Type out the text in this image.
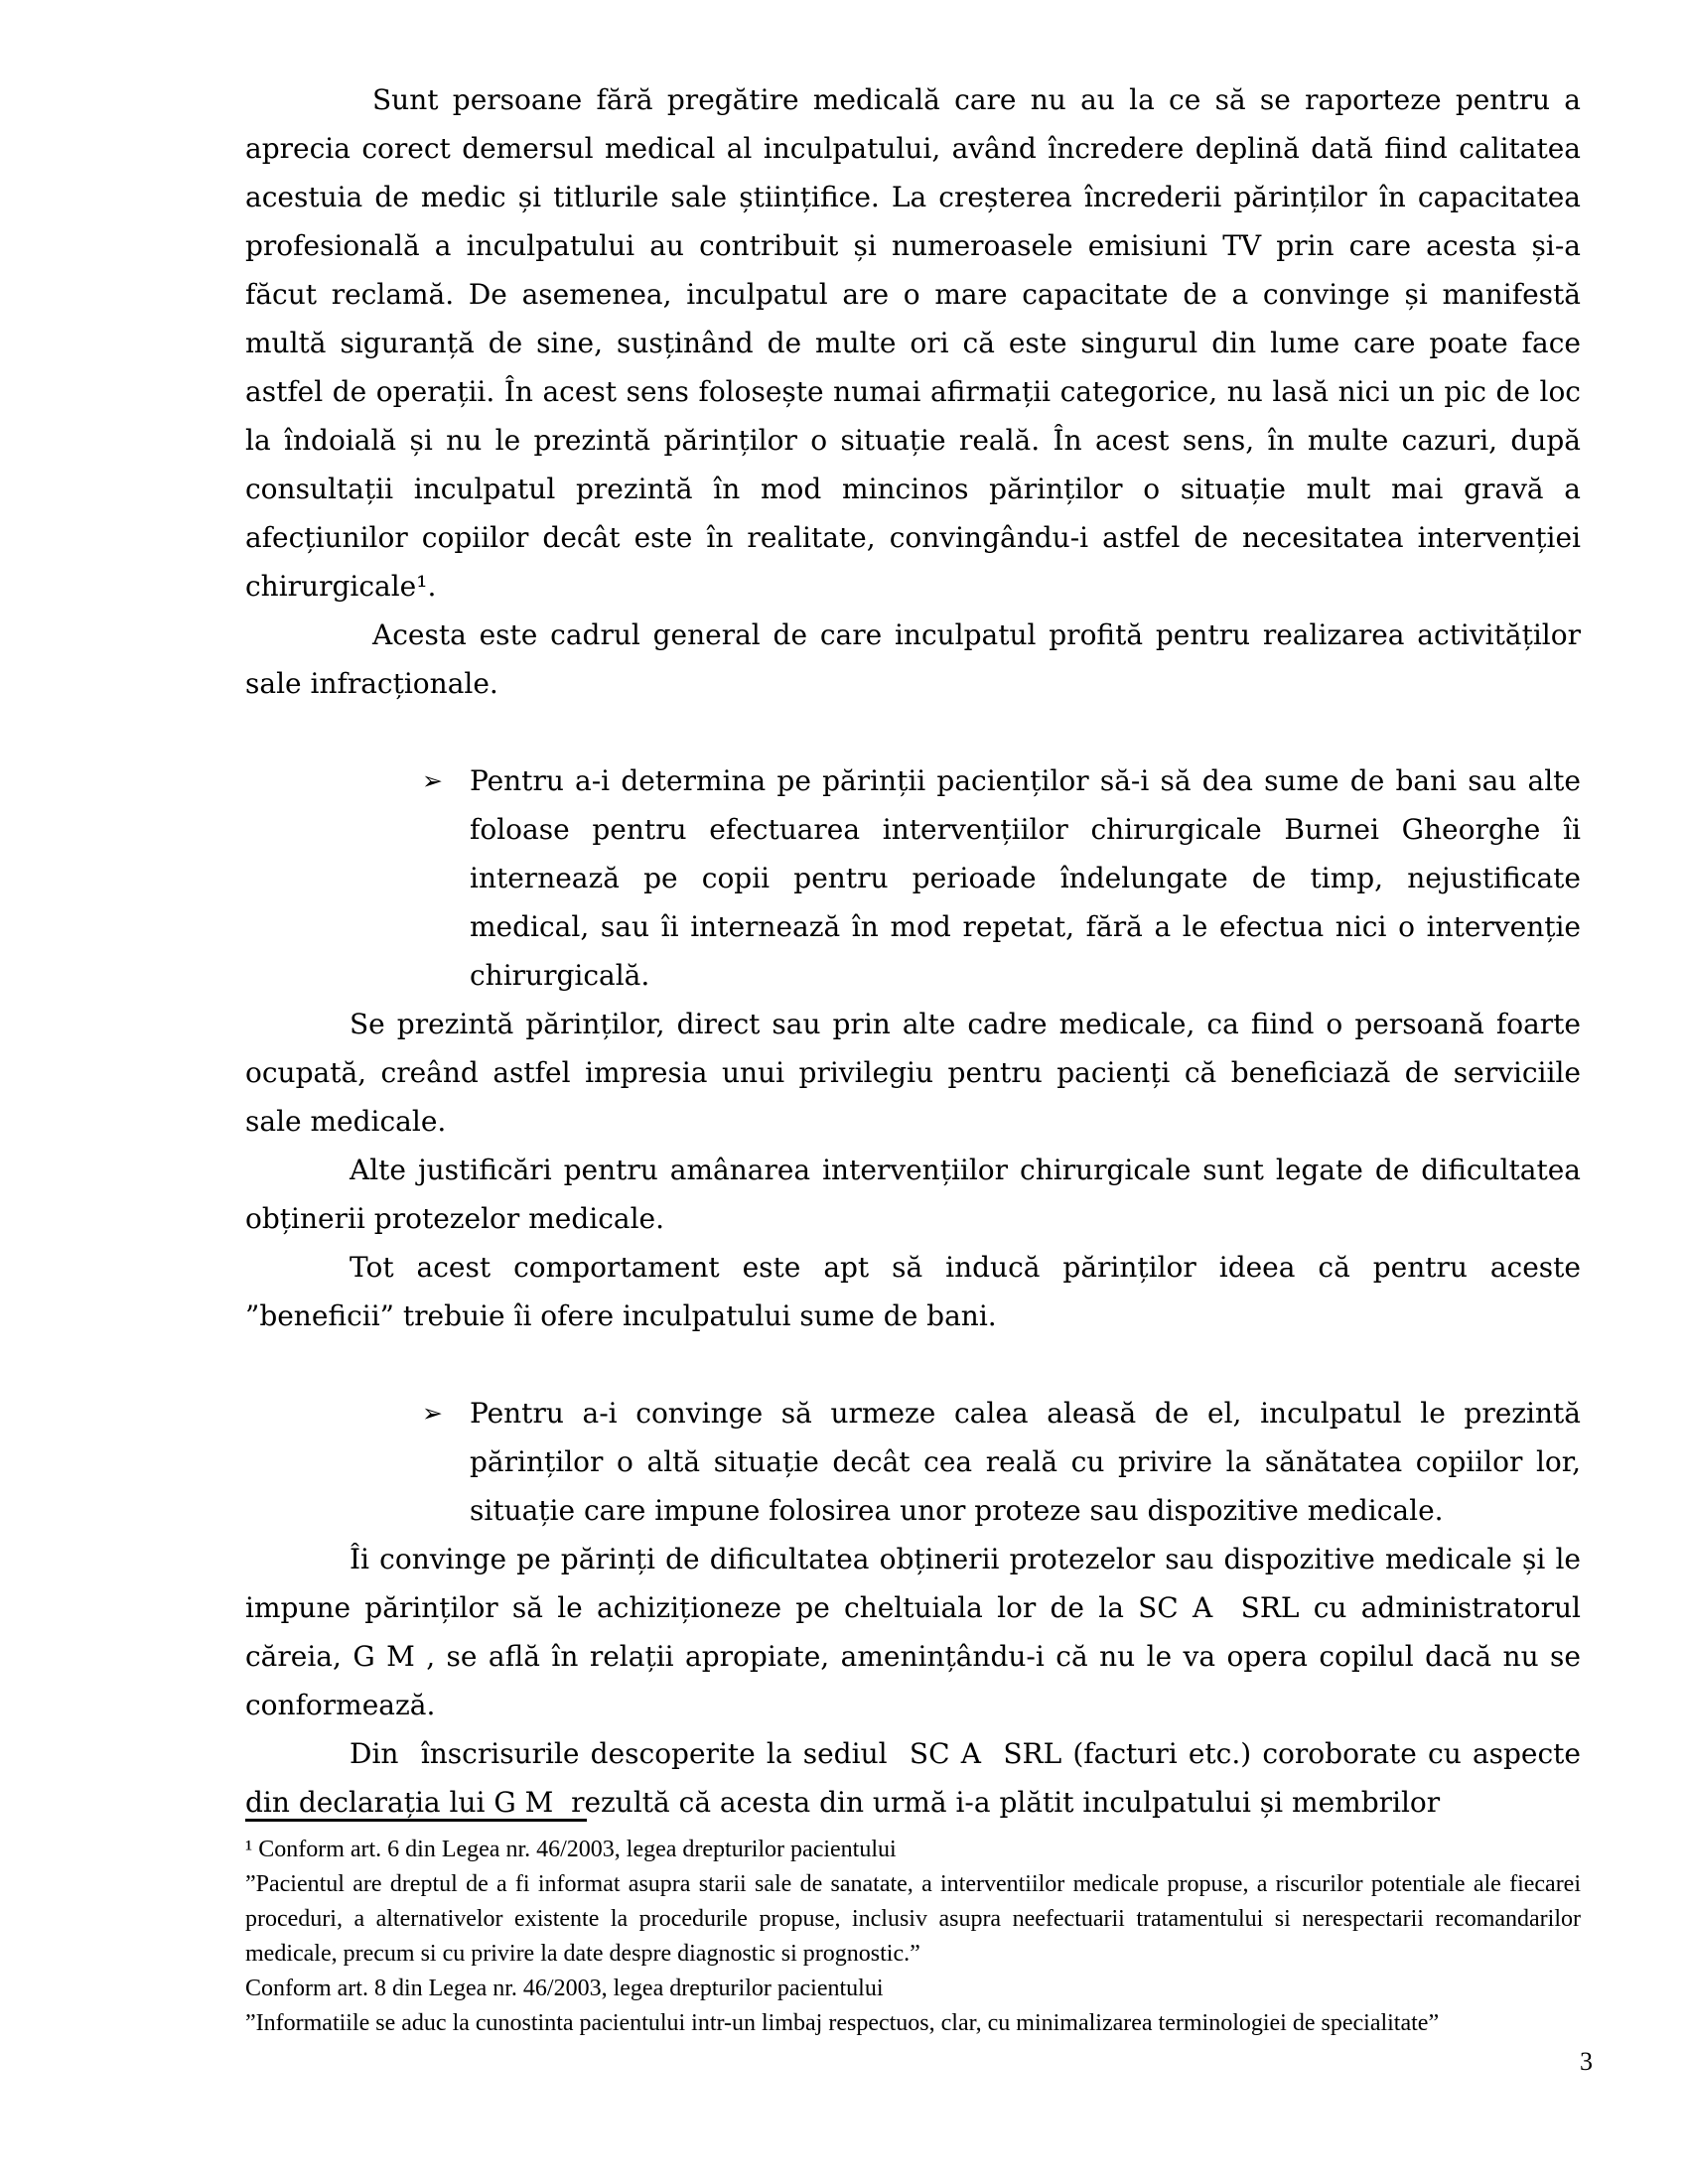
Sunt persoane fără pregătire medicală care nu au la ce să se raporteze pentru a aprecia corect demersul medical al inculpatului, având încredere deplină dată fiind calitatea acestuia de medic și titlurile sale științifice. La creșterea încrederii părinților în capacitatea profesională a inculpatului au contribuit și numeroasele emisiuni TV prin care acesta și-a făcut reclamă. De asemenea, inculpatul are o mare capacitate de a convinge și manifestă multă siguranță de sine, susținând de multe ori că este singurul din lume care poate face astfel de operații. În acest sens folosește numai afirmații categorice, nu lasă nici un pic de loc la îndoială și nu le prezintă părinților o situație reală. În acest sens, în multe cazuri, după consultații inculpatul prezintă în mod mincinos părinților o situație mult mai gravă a afecțiunilor copiilor decât este în realitate, convingându-i astfel de necesitatea intervenției chirurgicale¹.

Acesta este cadrul general de care inculpatul profită pentru realizarea activităților sale infracționale.

➢ Pentru a-i determina pe părinții pacienților să-i să dea sume de bani sau alte foloase pentru efectuarea intervențiilor chirurgicale Burnei Gheorghe îi internează pe copii pentru perioade îndelungate de timp, nejustificate medical, sau îi internează în mod repetat, fără a le efectua nici o intervenție chirurgicală.

Se prezintă părinților, direct sau prin alte cadre medicale, ca fiind o persoană foarte ocupată, creând astfel impresia unui privilegiu pentru pacienți că beneficiază de serviciile sale medicale.

Alte justificări pentru amânarea intervențiilor chirurgicale sunt legate de dificultatea obținerii protezelor medicale.

Tot acest comportament este apt să inducă părinților ideea că pentru aceste ”beneficii” trebuie îi ofere inculpatului sume de bani.

➢ Pentru a-i convinge să urmeze calea aleasă de el, inculpatul le prezintă părinților o altă situație decât cea reală cu privire la sănătatea copiilor lor, situație care impune folosirea unor proteze sau dispozitive medicale.

Îi convinge pe părinți de dificultatea obținerii protezelor sau dispozitive medicale și le impune părinților să le achiziționeze pe cheltuiala lor de la SC A  SRL cu administratorul căreia, G M , se află în relații apropiate, amenințându-i că nu le va opera copilul dacă nu se conformează.

Din  înscrisurile descoperite la sediul  SC A  SRL (facturi etc.) coroborate cu aspecte din declarația lui G M  rezultă că acesta din urmă i-a plătit inculpatului și membrilor

¹ Conform art. 6 din Legea nr. 46/2003, legea drepturilor pacientului

”Pacientul are dreptul de a fi informat asupra starii sale de sanatate, a interventiilor medicale propuse, a riscurilor potentiale ale fiecarei proceduri, a alternativelor existente la procedurile propuse, inclusiv asupra neefectuarii tratamentului si nerespectarii recomandarilor medicale, precum si cu privire la date despre diagnostic si prognostic.”

Conform art. 8 din Legea nr. 46/2003, legea drepturilor pacientului

”Informatiile se aduc la cunostinta pacientului intr-un limbaj respectuos, clar, cu minimalizarea terminologiei de specialitate”

3
